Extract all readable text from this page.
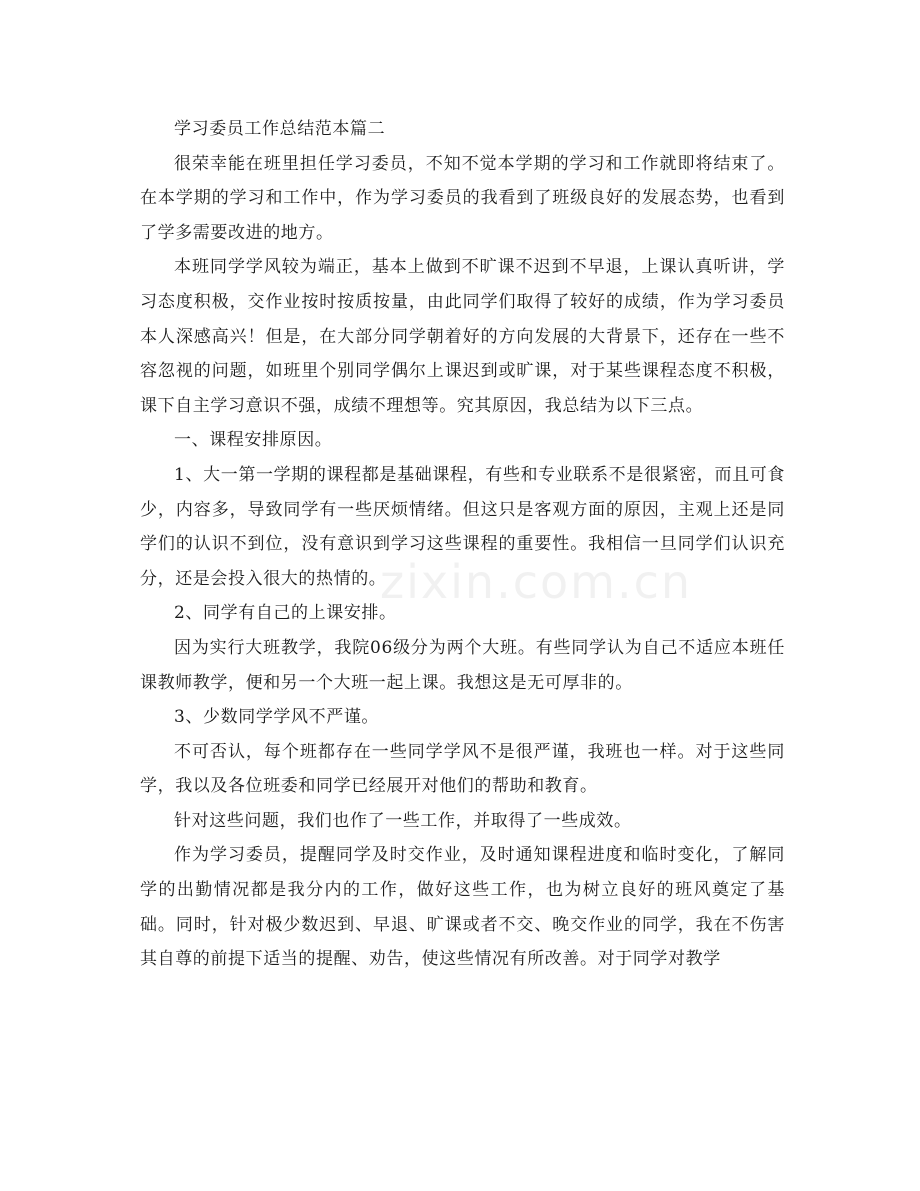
zixin.com.cn

学习委员工作总结范本篇二

很荣幸能在班里担任学习委员，不知不觉本学期的学习和工作就即将结束了。在本学期的学习和工作中，作为学习委员的我看到了班级良好的发展态势，也看到了学多需要改进的地方。

本班同学学风较为端正，基本上做到不旷课不迟到不早退，上课认真听讲，学习态度积极，交作业按时按质按量，由此同学们取得了较好的成绩，作为学习委员本人深感高兴！但是，在大部分同学朝着好的方向发展的大背景下，还存在一些不容忽视的问题，如班里个别同学偶尔上课迟到或旷课，对于某些课程态度不积极，课下自主学习意识不强，成绩不理想等。究其原因，我总结为以下三点。

一、课程安排原因。

1、大一第一学期的课程都是基础课程，有些和专业联系不是很紧密，而且可食少，内容多，导致同学有一些厌烦情绪。但这只是客观方面的原因，主观上还是同学们的认识不到位，没有意识到学习这些课程的重要性。我相信一旦同学们认识充分，还是会投入很大的热情的。

2、同学有自己的上课安排。

因为实行大班教学，我院06级分为两个大班。有些同学认为自己不适应本班任课教师教学，便和另一个大班一起上课。我想这是无可厚非的。

3、少数同学学风不严谨。

不可否认，每个班都存在一些同学学风不是很严谨，我班也一样。对于这些同学，我以及各位班委和同学已经展开对他们的帮助和教育。

针对这些问题，我们也作了一些工作，并取得了一些成效。

作为学习委员，提醒同学及时交作业，及时通知课程进度和临时变化，了解同学的出勤情况都是我分内的工作，做好这些工作，也为树立良好的班风奠定了基础。同时，针对极少数迟到、早退、旷课或者不交、晚交作业的同学，我在不伤害其自尊的前提下适当的提醒、劝告，使这些情况有所改善。对于同学对教学
